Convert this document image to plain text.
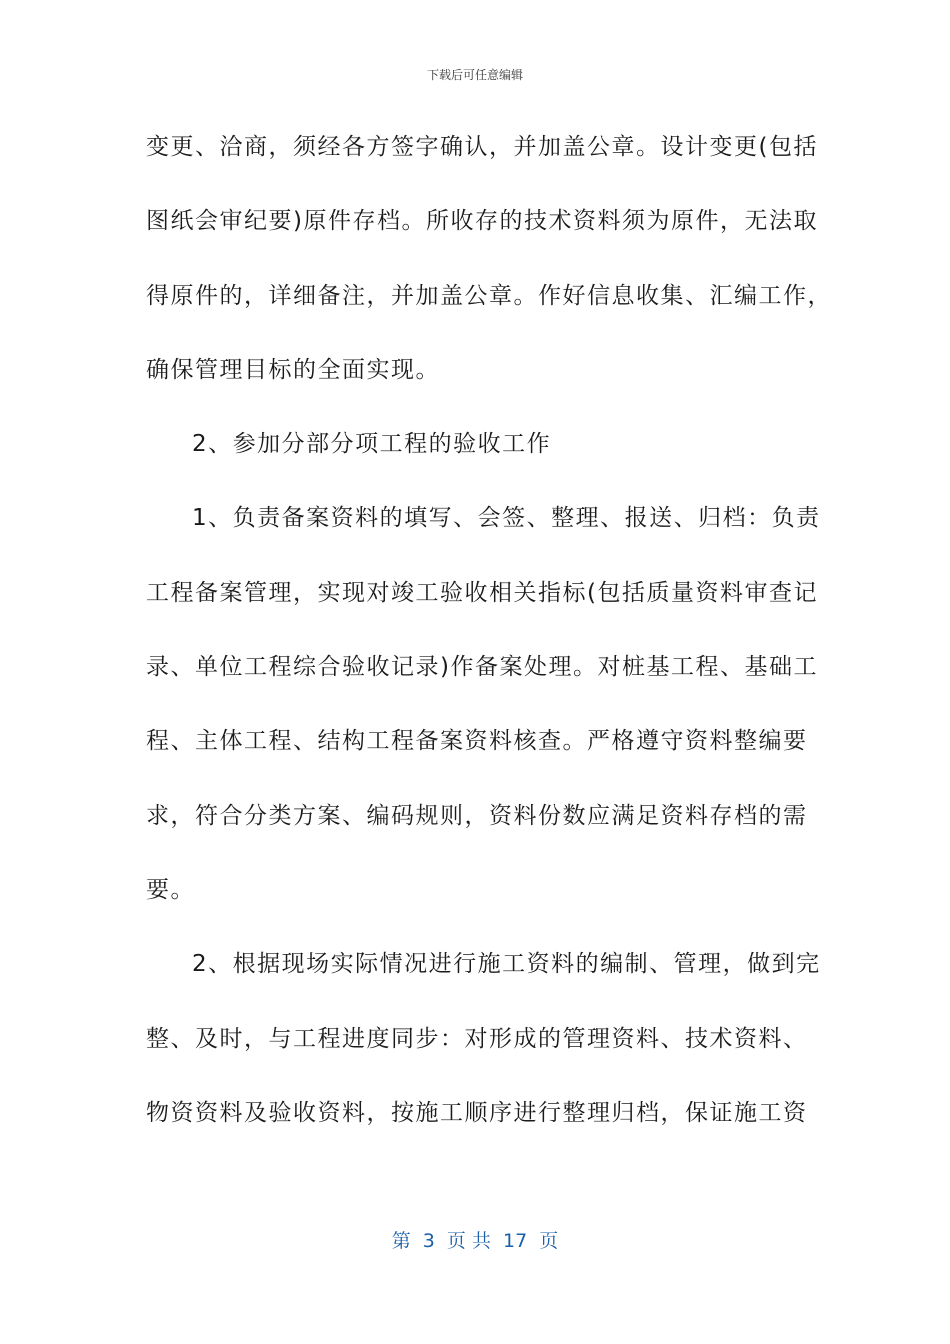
下载后可任意编辑
变更、洽商，须经各方签字确认，并加盖公章。设计变更(包括
图纸会审纪要)原件存档。所收存的技术资料须为原件，无法取
得原件的，详细备注，并加盖公章。作好信息收集、汇编工作，
确保管理目标的全面实现。
2、参加分部分项工程的验收工作
1、负责备案资料的填写、会签、整理、报送、归档：负责
工程备案管理，实现对竣工验收相关指标(包括质量资料审查记
录、单位工程综合验收记录)作备案处理。对桩基工程、基础工
程、主体工程、结构工程备案资料核查。严格遵守资料整编要
求，符合分类方案、编码规则，资料份数应满足资料存档的需
要。
2、根据现场实际情况进行施工资料的编制、管理，做到完
整、及时，与工程进度同步：对形成的管理资料、技术资料、
物资资料及验收资料，按施工顺序进行整理归档，保证施工资
第  3  页 共  17  页
